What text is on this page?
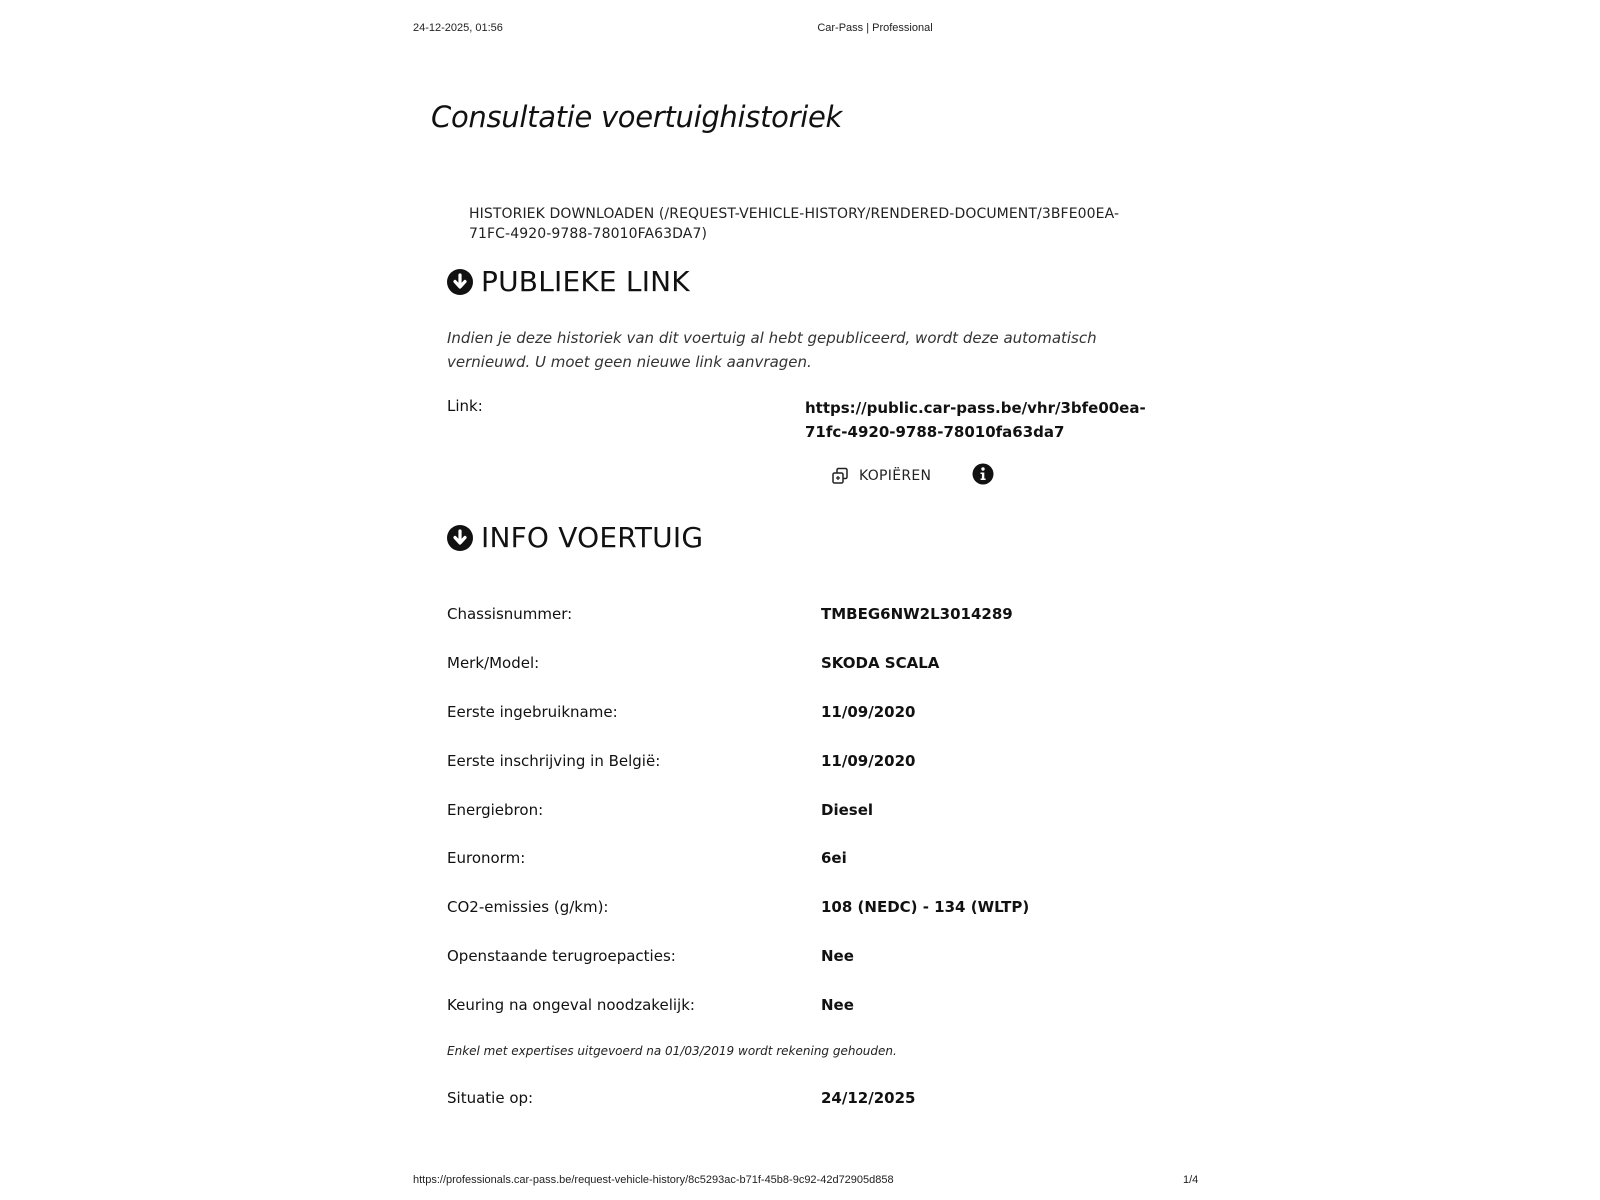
24-12-2025, 01:56	Car-Pass | Professional
Consultatie voertuighistoriek
HISTORIEK DOWNLOADEN (/REQUEST-VEHICLE-HISTORY/RENDERED-DOCUMENT/3BFE00EA-71FC-4920-9788-78010FA63DA7)
PUBLIEKE LINK

Indien je deze historiek van dit voertuig al hebt gepubliceerd, wordt deze automatisch vernieuwd. U moet geen nieuwe link aanvragen.

Link:	https://public.car-pass.be/vhr/3bfe00ea-71fc-4920-9788-78010fa63da7
KOPIËREN
INFO VOERTUIG
Chassisnummer:	TMBEG6NW2L3014289
Merk/Model:	SKODA SCALA
Eerste ingebruikname:	11/09/2020
Eerste inschrijving in België:	11/09/2020
Energiebron:	Diesel
Euronorm:	6ei
CO2-emissies (g/km):	108 (NEDC) - 134 (WLTP)
Openstaande terugroepacties:	Nee
Keuring na ongeval noodzakelijk:	Nee
Enkel met expertises uitgevoerd na 01/03/2019 wordt rekening gehouden.
Situatie op:	24/12/2025
https://professionals.car-pass.be/request-vehicle-history/8c5293ac-b71f-45b8-9c92-42d72905d858	1/4
